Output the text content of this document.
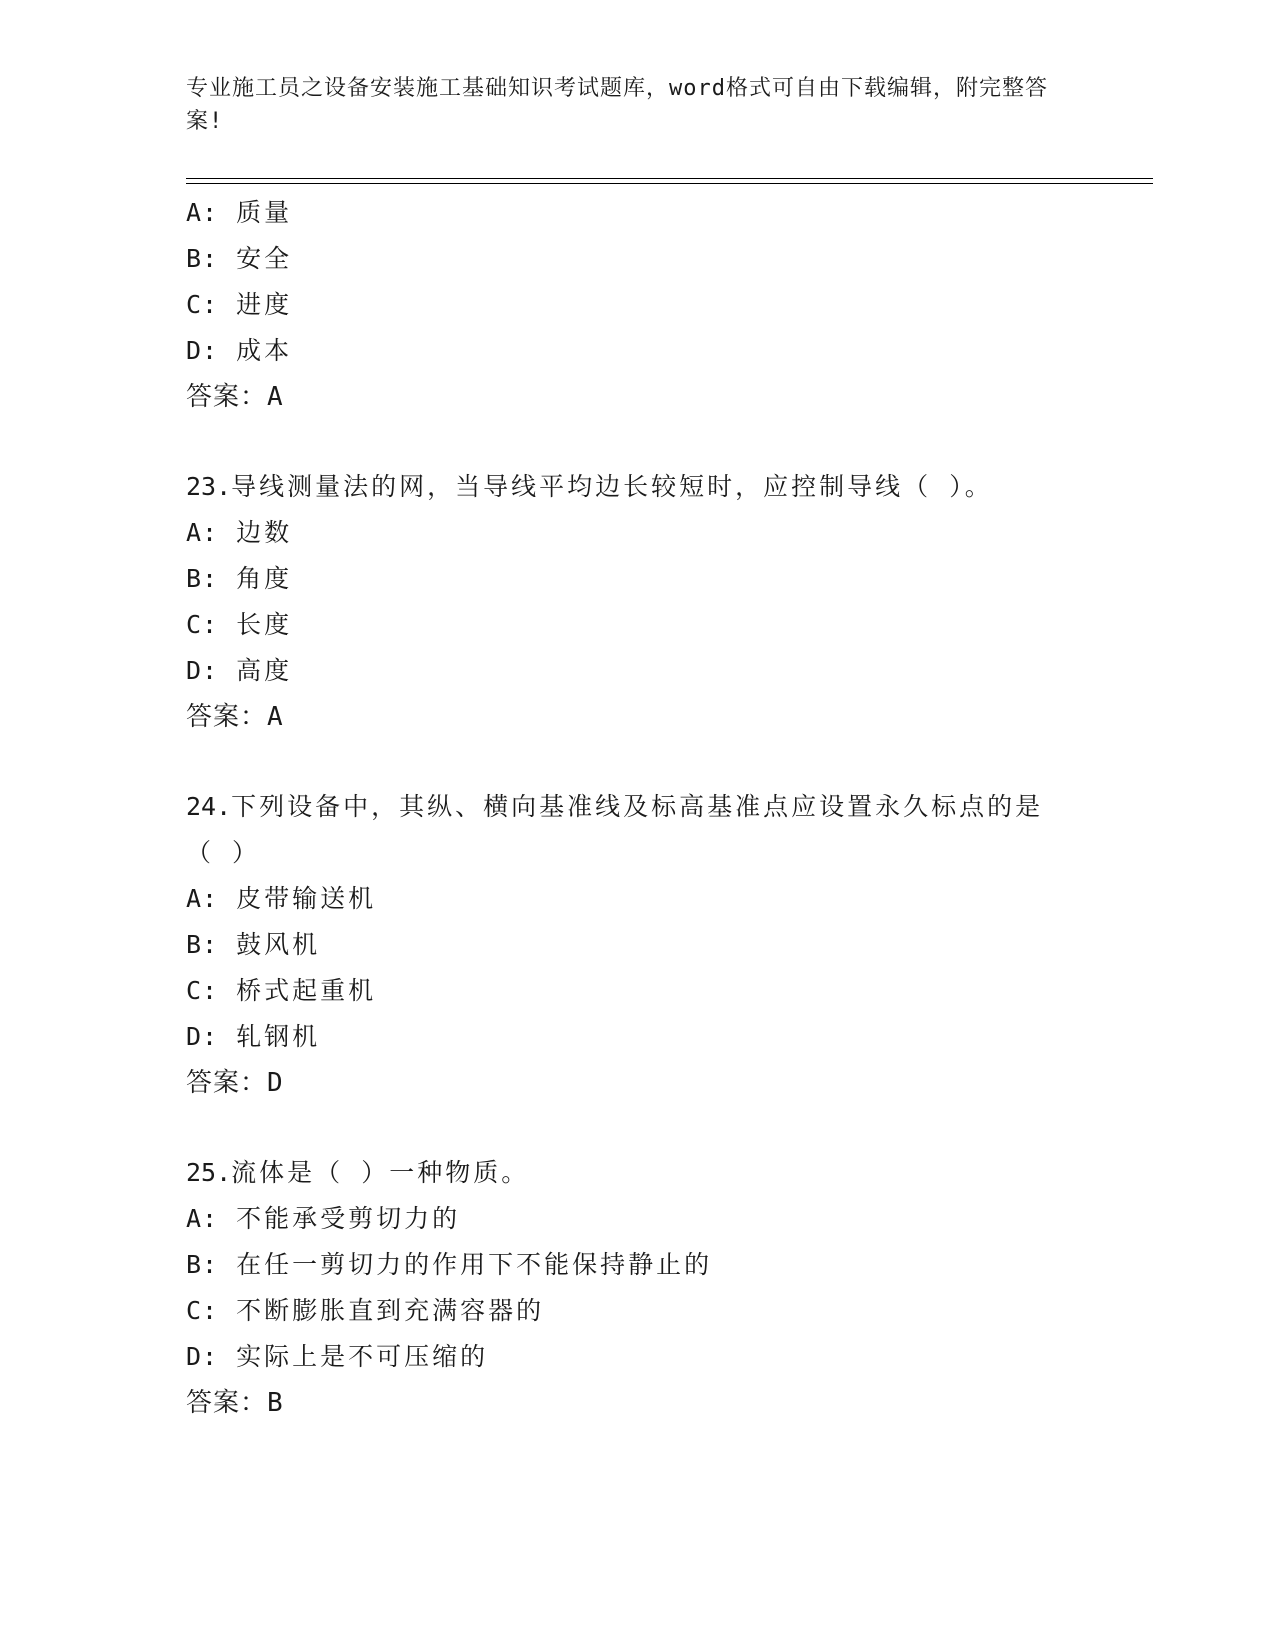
专业施工员之设备安装施工基础知识考试题库，word格式可自由下载编辑，附完整答案!
A: 质量
B: 安全
C: 进度
D: 成本
答案：A
23.导线测量法的网，当导线平均边长较短时，应控制导线（ ）。
A: 边数
B: 角度
C: 长度
D: 高度
答案：A
24.下列设备中，其纵、横向基准线及标高基准点应设置永久标点的是
（ ）
A: 皮带输送机
B: 鼓风机
C: 桥式起重机
D: 轧钢机
答案：D
25.流体是（ ）一种物质。
A: 不能承受剪切力的
B: 在任一剪切力的作用下不能保持静止的
C: 不断膨胀直到充满容器的
D: 实际上是不可压缩的
答案：B
